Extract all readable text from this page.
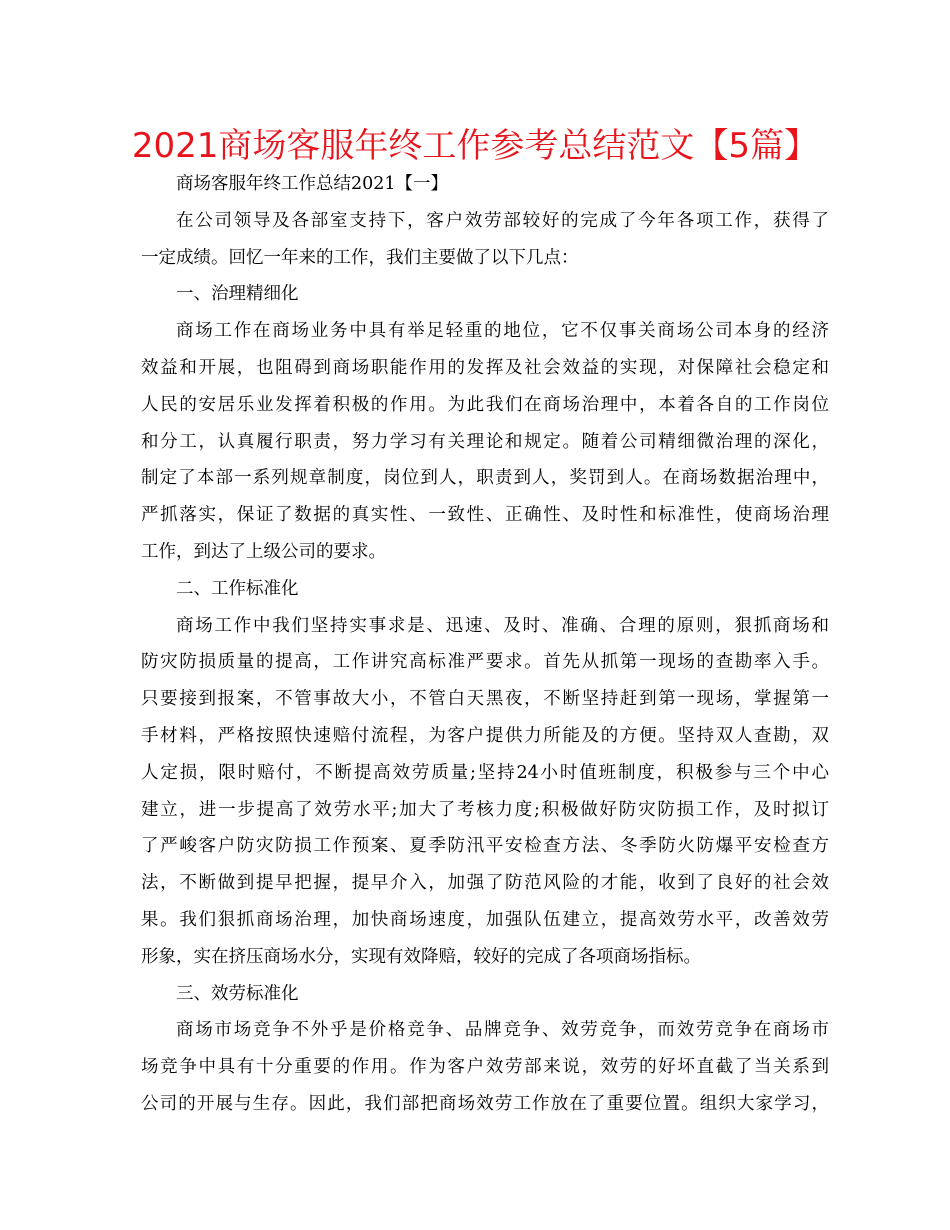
2021商场客服年终工作参考总结范文【5篇】
商场客服年终工作总结2021【一】
在公司领导及各部室支持下，客户效劳部较好的完成了今年各项工作，获得了
一定成绩。回忆一年来的工作，我们主要做了以下几点：
一、治理精细化
商场工作在商场业务中具有举足轻重的地位，它不仅事关商场公司本身的经济
效益和开展，也阻碍到商场职能作用的发挥及社会效益的实现，对保障社会稳定和
人民的安居乐业发挥着积极的作用。为此我们在商场治理中，本着各自的工作岗位
和分工，认真履行职责，努力学习有关理论和规定。随着公司精细微治理的深化，
制定了本部一系列规章制度，岗位到人，职责到人，奖罚到人。在商场数据治理中，
严抓落实，保证了数据的真实性、一致性、正确性、及时性和标准性，使商场治理
工作，到达了上级公司的要求。
二、工作标准化
商场工作中我们坚持实事求是、迅速、及时、准确、合理的原则，狠抓商场和
防灾防损质量的提高，工作讲究高标准严要求。首先从抓第一现场的查勘率入手。
只要接到报案，不管事故大小，不管白天黑夜，不断坚持赶到第一现场，掌握第一
手材料，严格按照快速赔付流程，为客户提供力所能及的方便。坚持双人查勘，双
人定损，限时赔付，不断提高效劳质量;坚持24小时值班制度，积极参与三个中心
建立，进一步提高了效劳水平;加大了考核力度;积极做好防灾防损工作，及时拟订
了严峻客户防灾防损工作预案、夏季防汛平安检查方法、冬季防火防爆平安检查方
法，不断做到提早把握，提早介入，加强了防范风险的才能，收到了良好的社会效
果。我们狠抓商场治理，加快商场速度，加强队伍建立，提高效劳水平，改善效劳
形象，实在挤压商场水分，实现有效降赔，较好的完成了各项商场指标。
三、效劳标准化
商场市场竞争不外乎是价格竞争、品牌竞争、效劳竞争，而效劳竞争在商场市
场竞争中具有十分重要的作用。作为客户效劳部来说，效劳的好坏直截了当关系到
公司的开展与生存。因此，我们部把商场效劳工作放在了重要位置。组织大家学习，
